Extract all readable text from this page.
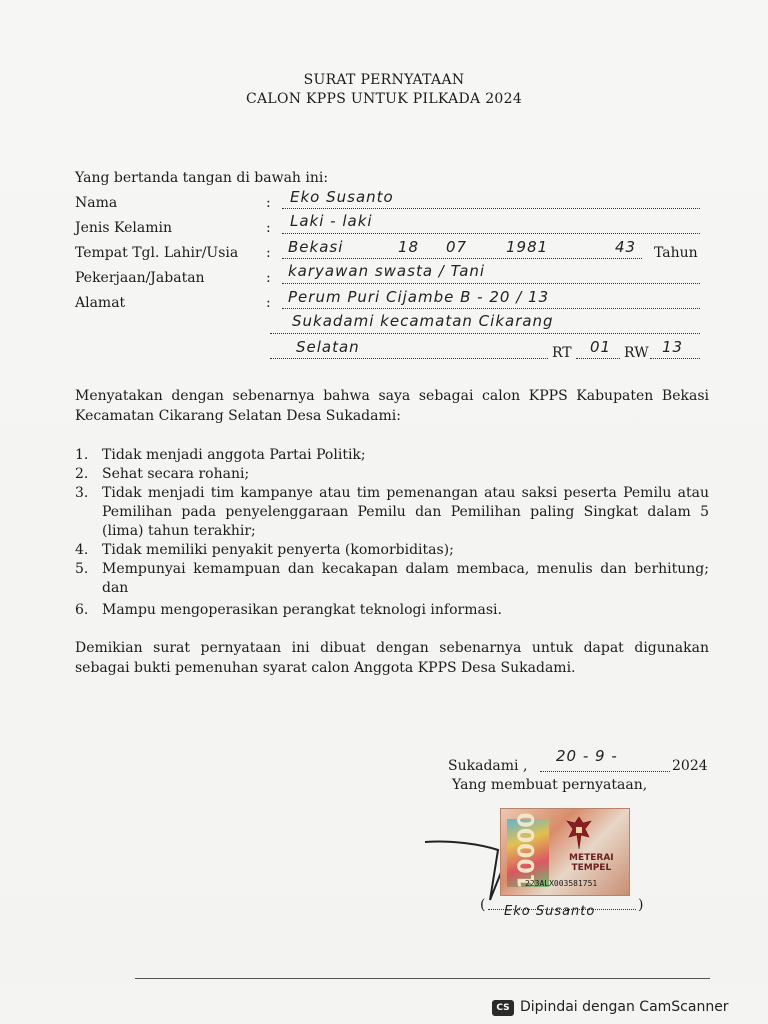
SURAT PERNYATAAN
CALON KPPS UNTUK PILKADA 2024
Yang bertanda tangan di bawah ini:
Nama	: Eko Susanto
Jenis Kelamin	: Laki - laki
Tempat Tgl. Lahir/Usia : Bekasi	18 07	1981	43 Tahun
Pekerjaan/Jabatan	: karyawan swasta / Tani
Alamat	: Perum Puri Cijambe B - 20 / 13
Sukadami kecamatan Cikarang
Selatan	RT 01 RW 13
Menyatakan dengan sebenarnya bahwa saya sebagai calon KPPS Kabupaten Bekasi Kecamatan Cikarang Selatan Desa Sukadami:
1. Tidak menjadi anggota Partai Politik;
2. Sehat secara rohani;
3. Tidak menjadi tim kampanye atau tim pemenangan atau saksi peserta Pemilu atau Pemilihan pada penyelenggaraan Pemilu dan Pemilihan paling Singkat dalam 5 (lima) tahun terakhir;
4. Tidak memiliki penyakit penyerta (komorbiditas);
5. Mempunyai kemampuan dan kecakapan dalam membaca, menulis dan berhitung; dan
6. Mampu mengoperasikan perangkat teknologi informasi.
Demikian surat pernyataan ini dibuat dengan sebenarnya untuk dapat digunakan sebagai bukti pemenuhan syarat calon Anggota KPPS Desa Sukadami.
Sukadami ,
20 - 9 -
2024
Yang membuat pernyataan,
10000	METERAI
TEMPEL
223ALX003581751
(	)
Eko Susanto
CS Dipindai dengan CamScanner
